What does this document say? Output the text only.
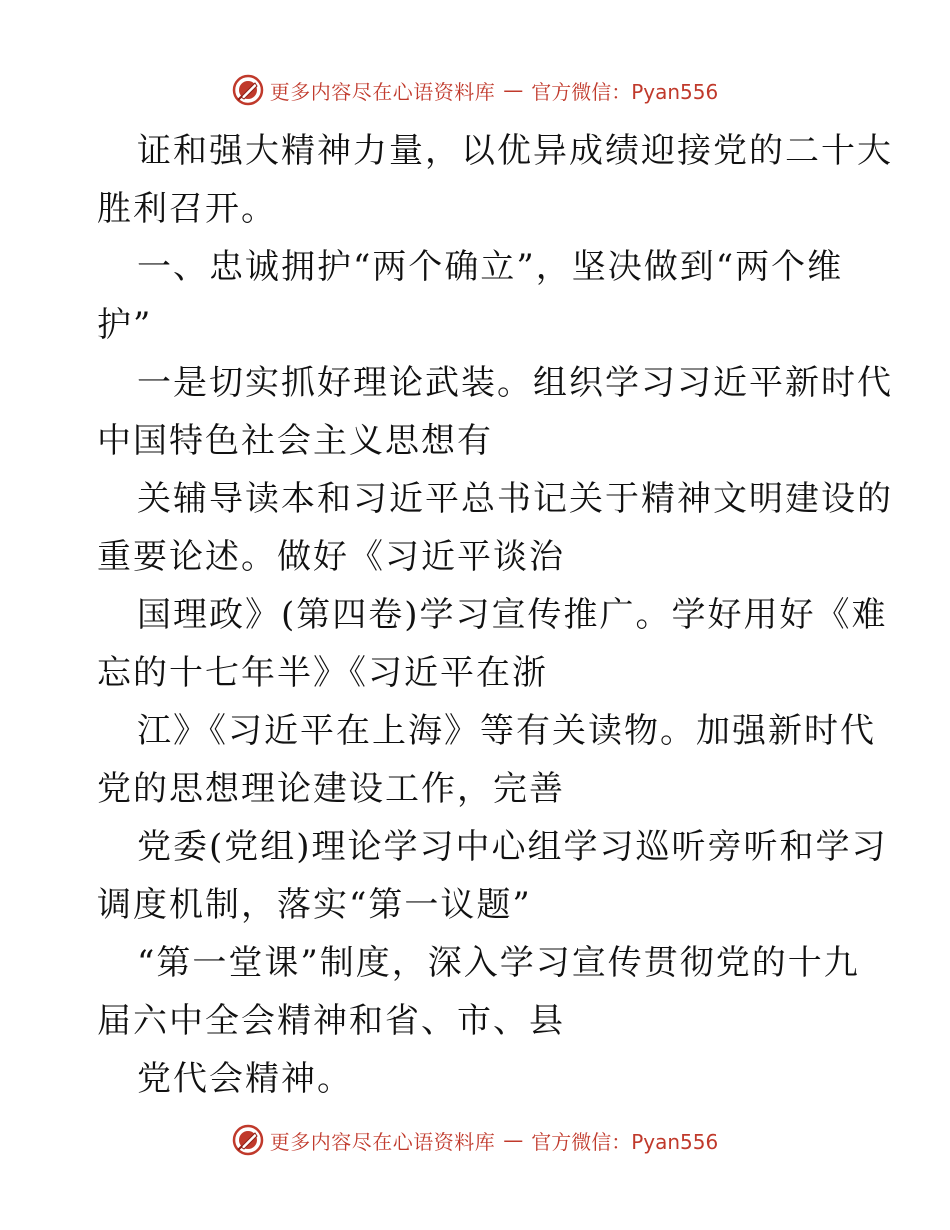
更多内容尽在心语资料库 — 官方微信：Pyan556
证和强大精神力量，以优异成绩迎接党的二十大
胜利召开。
一、忠诚拥护“两个确立”，坚决做到“两个维
护”
一是切实抓好理论武装。组织学习习近平新时代
中国特色社会主义思想有
关辅导读本和习近平总书记关于精神文明建设的
重要论述。做好《习近平谈治
国理政》(第四卷)学习宣传推广。学好用好《难
忘的十七年半》《习近平在浙
江》《习近平在上海》等有关读物。加强新时代
党的思想理论建设工作，完善
党委(党组)理论学习中心组学习巡听旁听和学习
调度机制，落实“第一议题”
“第一堂课”制度，深入学习宣传贯彻党的十九
届六中全会精神和省、市、县
党代会精神。
更多内容尽在心语资料库 — 官方微信：Pyan556
